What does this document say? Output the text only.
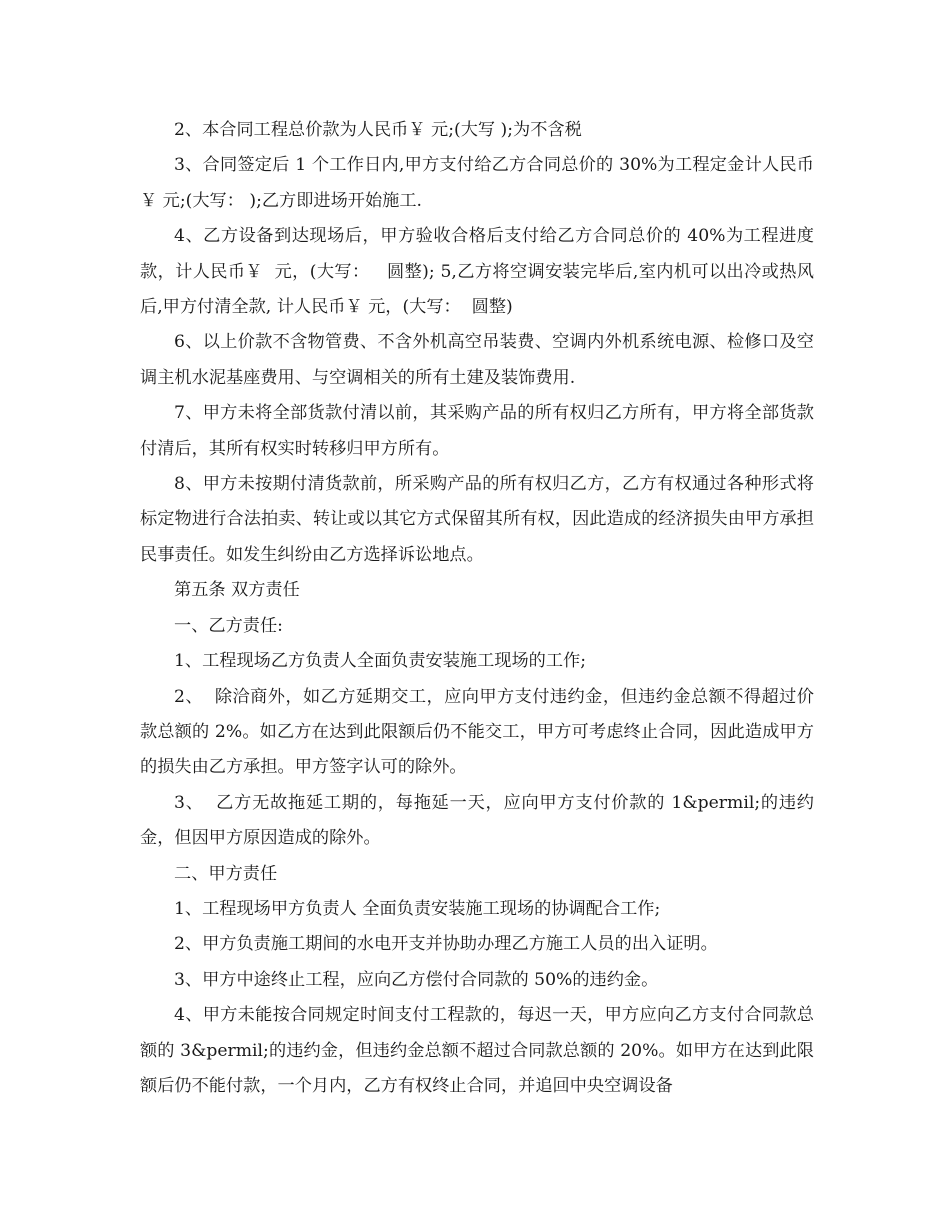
2、本合同工程总价款为人民币￥ 元;(大写 );为不含税

3、合同签定后 1 个工作日内,甲方支付给乙方合同总价的 30%为工程定金计人民币￥ 元;(大写： );乙方即进场开始施工.

4、乙方设备到达现场后，甲方验收合格后支付给乙方合同总价的 40%为工程进度款，计人民币￥  元，(大写：   圆整); 5,乙方将空调安装完毕后,室内机可以出冷或热风后,甲方付清全款, 计人民币￥ 元，(大写：  圆整)

6、以上价款不含物管费、不含外机高空吊装费、空调内外机系统电源、检修口及空调主机水泥基座费用、与空调相关的所有土建及装饰费用.

7、甲方未将全部货款付清以前，其采购产品的所有权归乙方所有，甲方将全部货款付清后，其所有权实时转移归甲方所有。

8、甲方未按期付清货款前，所采购产品的所有权归乙方，乙方有权通过各种形式将标定物进行合法拍卖、转让或以其它方式保留其所有权，因此造成的经济损失由甲方承担民事责任。如发生纠纷由乙方选择诉讼地点。

第五条 双方责任

一、乙方责任:

1、工程现场乙方负责人全面负责安装施工现场的工作;

2、  除洽商外，如乙方延期交工，应向甲方支付违约金，但违约金总额不得超过价款总额的 2%。如乙方在达到此限额后仍不能交工，甲方可考虑终止合同，因此造成甲方的损失由乙方承担。甲方签字认可的除外。

3、  乙方无故拖延工期的，每拖延一天，应向甲方支付价款的 1&permil;的违约金，但因甲方原因造成的除外。

二、甲方责任

1、工程现场甲方负责人 全面负责安装施工现场的协调配合工作;

2、甲方负责施工期间的水电开支并协助办理乙方施工人员的出入证明。

3、甲方中途终止工程，应向乙方偿付合同款的 50%的违约金。

4、甲方未能按合同规定时间支付工程款的，每迟一天，甲方应向乙方支付合同款总额的 3&permil;的违约金，但违约金总额不超过合同款总额的 20%。如甲方在达到此限额后仍不能付款，一个月内，乙方有权终止合同，并追回中央空调设备
